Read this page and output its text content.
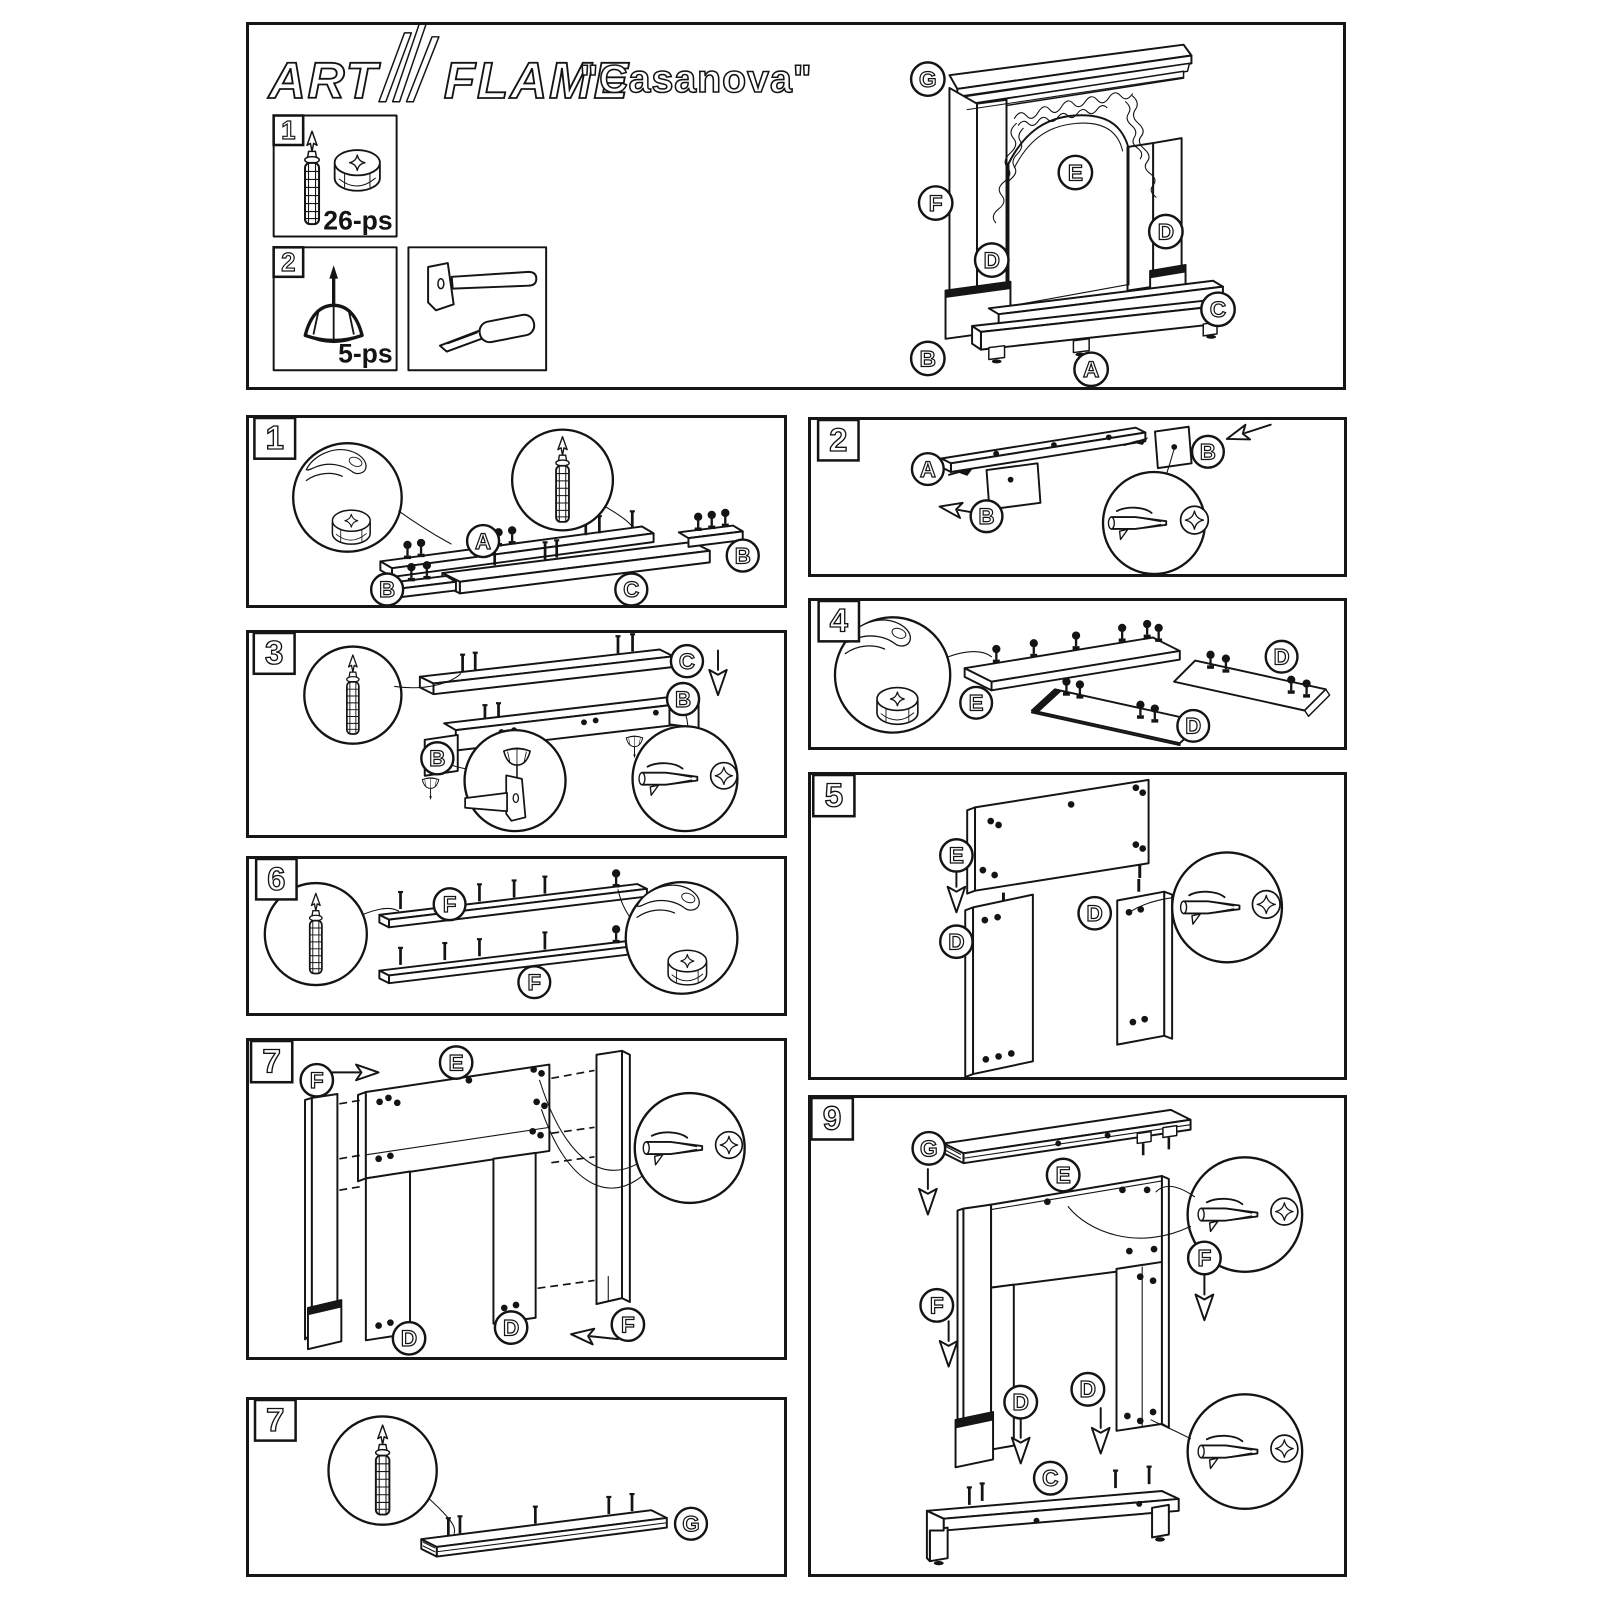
ART FLAME
"Casanova"
1
26-ps
2
5-ps
G
F
E
D
D
C
B	A
A
B
B	C
1
A
B
B
2
C
B
B
3
E
D
D
4
E
D
D
5
F
F
6
F
E
D	D	F
7
G
7
G
E
F
F
D D
C
9
